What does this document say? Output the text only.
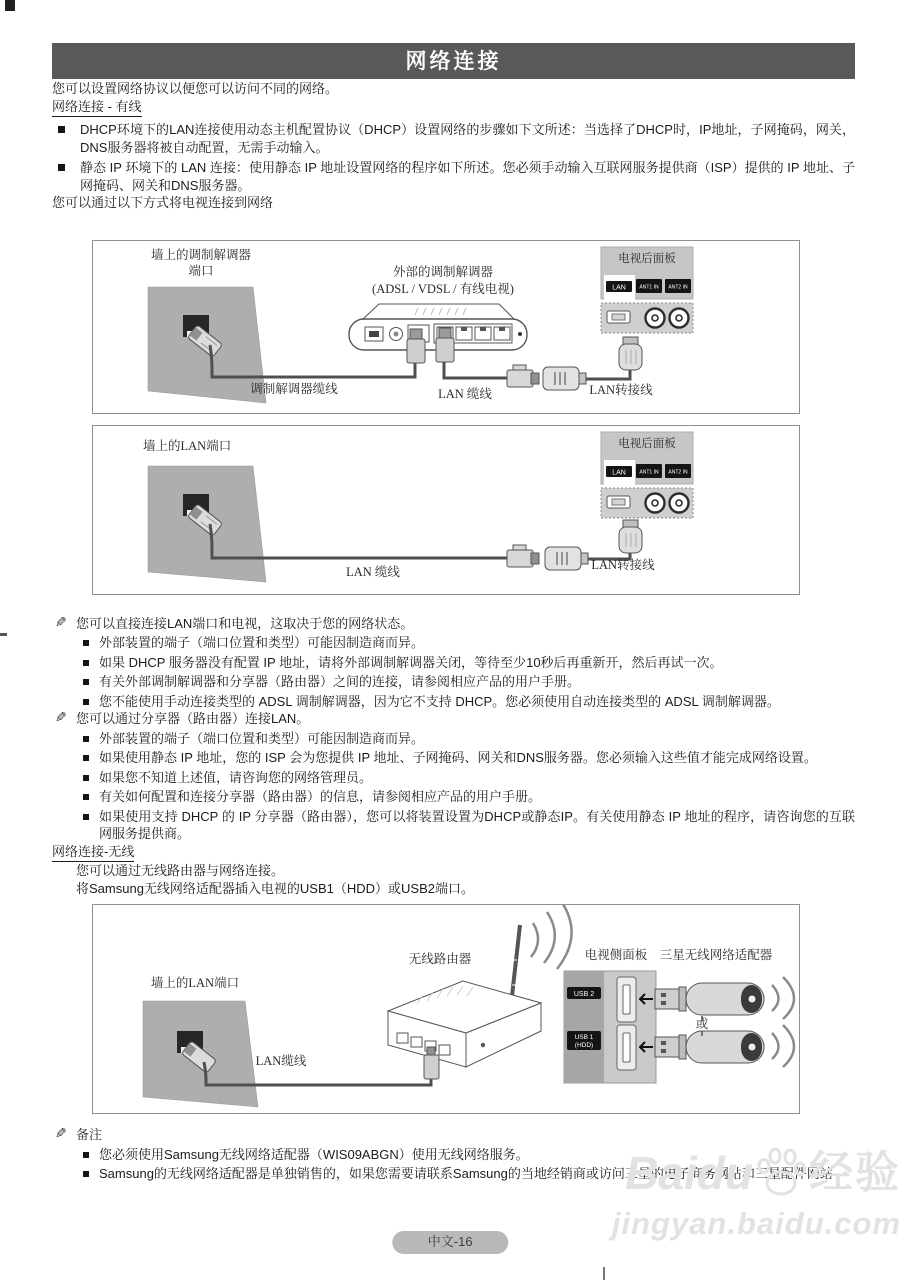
网络连接

您可以设置网络协议以便您可以访问不同的网络。

网络连接 - 有线

DHCP环境下的LAN连接使用动态主机配置协议（DHCP）设置网络的步骤如下文所述：当选择了DHCP时，IP地址，子网掩码，网关，DNS服务器将被自动配置，无需手动输入。
静态 IP 环境下的 LAN 连接：使用静态 IP 地址设置网络的程序如下所述。您必须手动输入互联网服务提供商（ISP）提供的 IP 地址、子网掩码、网关和DNS服务器。

您可以通过以下方式将电视连接到网络

LAN	ANT1 IN ANT2 IN
墙上的调制解调器端口	外部的调制解调器
(ADSL / VDSL / 有线电视)
电视后面板
调制解调器缆线	LAN 缆线	LAN转接线
LAN	ANT1 IN ANT2 IN
墙上的LAN端口	电视后面板
LAN 缆线	LAN转接线

✎ 您可以直接连接LAN端口和电视，这取决于您的网络状态。

外部装置的端子（端口位置和类型）可能因制造商而异。
如果 DHCP 服务器没有配置 IP 地址，请将外部调制解调器关闭，等待至少10秒后再重新开，然后再试一次。
有关外部调制解调器和分享器（路由器）之间的连接，请参阅相应产品的用户手册。
您不能使用手动连接类型的 ADSL 调制解调器，因为它不支持 DHCP。您必须使用自动连接类型的 ADSL 调制解调器。

✎ 您可以通过分享器（路由器）连接LAN。

外部装置的端子（端口位置和类型）可能因制造商而异。
如果使用静态 IP 地址，您的 ISP 会为您提供 IP 地址、子网掩码、网关和DNS服务器。您必须输入这些值才能完成网络设置。
如果您不知道上述值，请咨询您的网络管理员。
有关如何配置和连接分享器（路由器）的信息，请参阅相应产品的用户手册。
如果使用支持 DHCP 的 IP 分享器（路由器），您可以将装置设置为DHCP或静态IP。有关使用静态 IP 地址的程序，请咨询您的互联网服务提供商。

网络连接-无线

您可以通过无线路由器与网络连接。

将Samsung无线网络适配器插入电视的USB1（HDD）或USB2端口。

USB 2
USB 1
(HDD)
墙上的LAN端口
无线路由器
LAN缆线
电视侧面板 三星无线网络适配器
或

✎ 备注

您必须使用Samsung无线网络适配器（WIS09ABGN）使用无线网络服务。
Samsung的无线网络适配器是单独销售的，如果您需要请联系Samsung的当地经销商或访问三星的电子商务网站和三星配件网站
中文-16
Baidu 经验
jingyan.baidu.com
